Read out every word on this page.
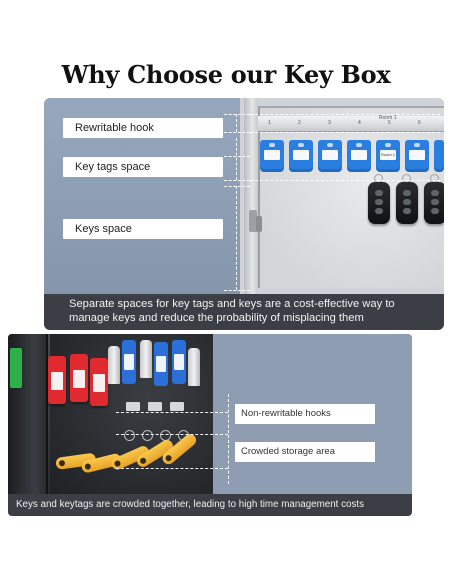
Why Choose our Key Box
Room 1
1	2	3	4	5	6
Room 1
Rewritable hook
Key tags space
Keys space
Separate spaces for key tags and keys are a cost-effective way to manage keys and reduce the probability of misplacing them
Non-rewritable hooks
Crowded storage area
Keys and keytags are crowded together, leading to high time management costs
